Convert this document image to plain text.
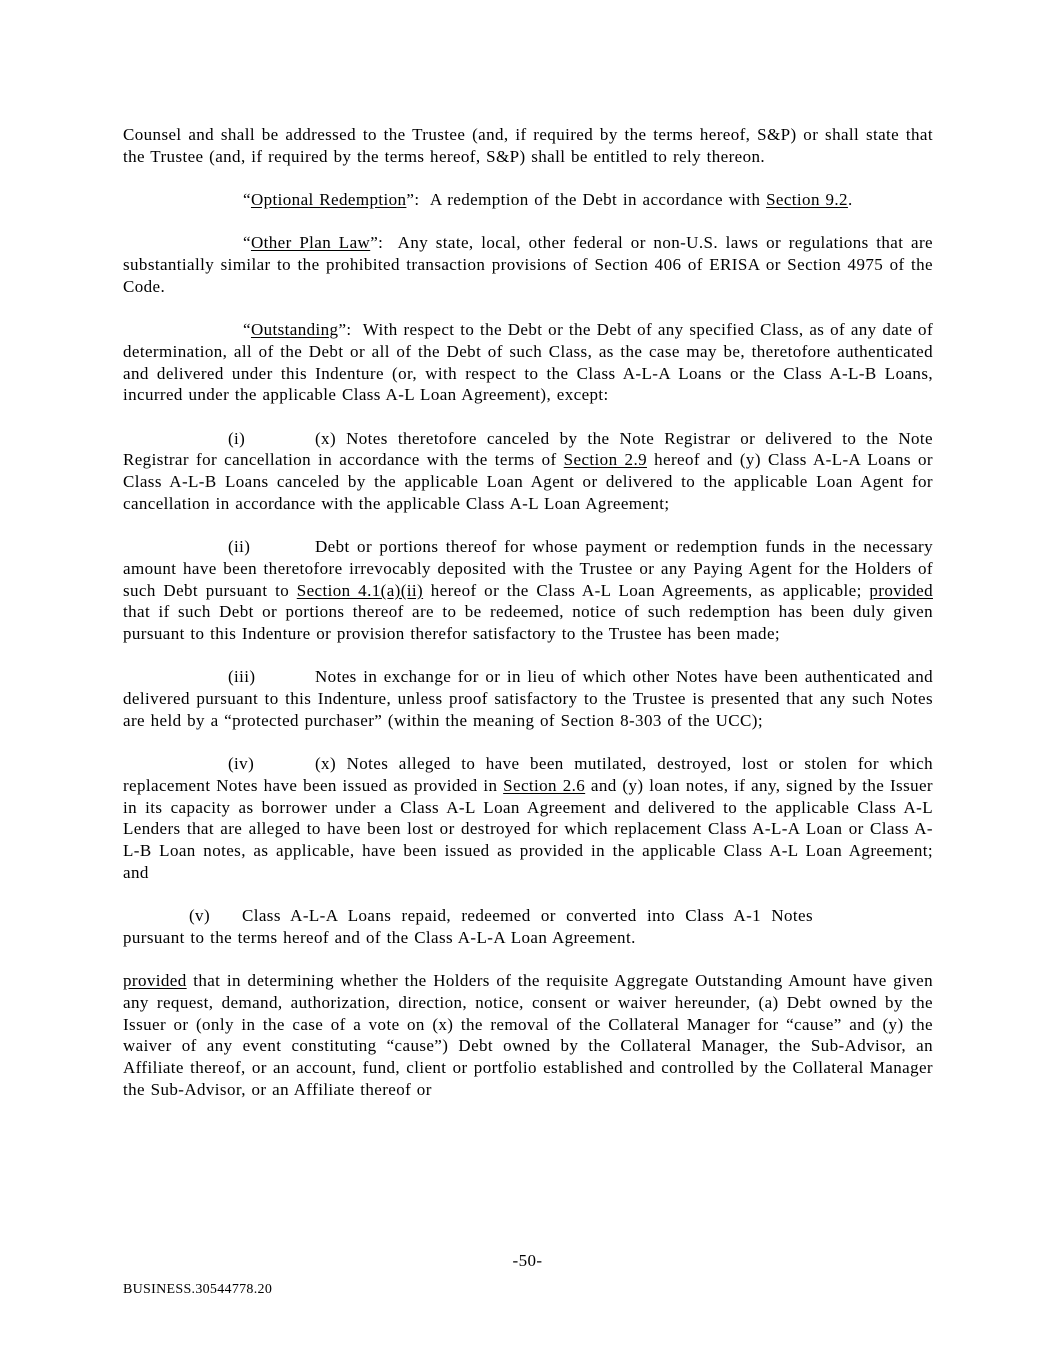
Counsel and shall be addressed to the Trustee (and, if required by the terms hereof, S&P) or shall state that the Trustee (and, if required by the terms hereof, S&P) shall be entitled to rely thereon.

“Optional Redemption”:  A redemption of the Debt in accordance with Section 9.2.

“Other Plan Law”:  Any state, local, other federal or non-U.S. laws or regulations that are substantially similar to the prohibited transaction provisions of Section 406 of ERISA or Section 4975 of the Code.

“Outstanding”:  With respect to the Debt or the Debt of any specified Class, as of any date of determination, all of the Debt or all of the Debt of such Class, as the case may be, theretofore authenticated and delivered under this Indenture (or, with respect to the Class A-L-A Loans or the Class A-L-B Loans, incurred under the applicable Class A-L Loan Agreement), except:

(i)	(x) Notes theretofore canceled by the Note Registrar or delivered to the Note Registrar for cancellation in accordance with the terms of Section 2.9 hereof and (y) Class A-L-A Loans or Class A-L-B Loans canceled by the applicable Loan Agent or delivered to the applicable Loan Agent for cancellation in accordance with the applicable Class A-L Loan Agreement;

(ii)	Debt or portions thereof for whose payment or redemption funds in the necessary amount have been theretofore irrevocably deposited with the Trustee or any Paying Agent for the Holders of such Debt pursuant to Section 4.1(a)(ii) hereof or the Class A-L Loan Agreements, as applicable; provided that if such Debt or portions thereof are to be redeemed, notice of such redemption has been duly given pursuant to this Indenture or provision therefor satisfactory to the Trustee has been made;

(iii)	Notes in exchange for or in lieu of which other Notes have been authenticated and delivered pursuant to this Indenture, unless proof satisfactory to the Trustee is presented that any such Notes are held by a “protected purchaser” (within the meaning of Section 8-303 of the UCC);

(iv)	(x) Notes alleged to have been mutilated, destroyed, lost or stolen for which replacement Notes have been issued as provided in Section 2.6 and (y) loan notes, if any, signed by the Issuer in its capacity as borrower under a Class A-L Loan Agreement and delivered to the applicable Class A-L Lenders that are alleged to have been lost or destroyed for which replacement Class A-L-A Loan or Class A-L-B Loan notes, as applicable, have been issued as provided in the applicable Class A-L Loan Agreement; and

(v) Class A-L-A Loans repaid, redeemed or converted into Class A-1 Notes pursuant to the terms hereof and of the Class A-L-A Loan Agreement.

provided that in determining whether the Holders of the requisite Aggregate Outstanding Amount have given any request, demand, authorization, direction, notice, consent or waiver hereunder, (a) Debt owned by the Issuer or (only in the case of a vote on (x) the removal of the Collateral Manager for “cause” and (y) the waiver of any event constituting “cause”) Debt owned by the Collateral Manager, the Sub-Advisor, an Affiliate thereof, or an account, fund, client or portfolio established and controlled by the Collateral Manager the Sub-Advisor, or an Affiliate thereof or

-50-
BUSINESS.30544778.20
